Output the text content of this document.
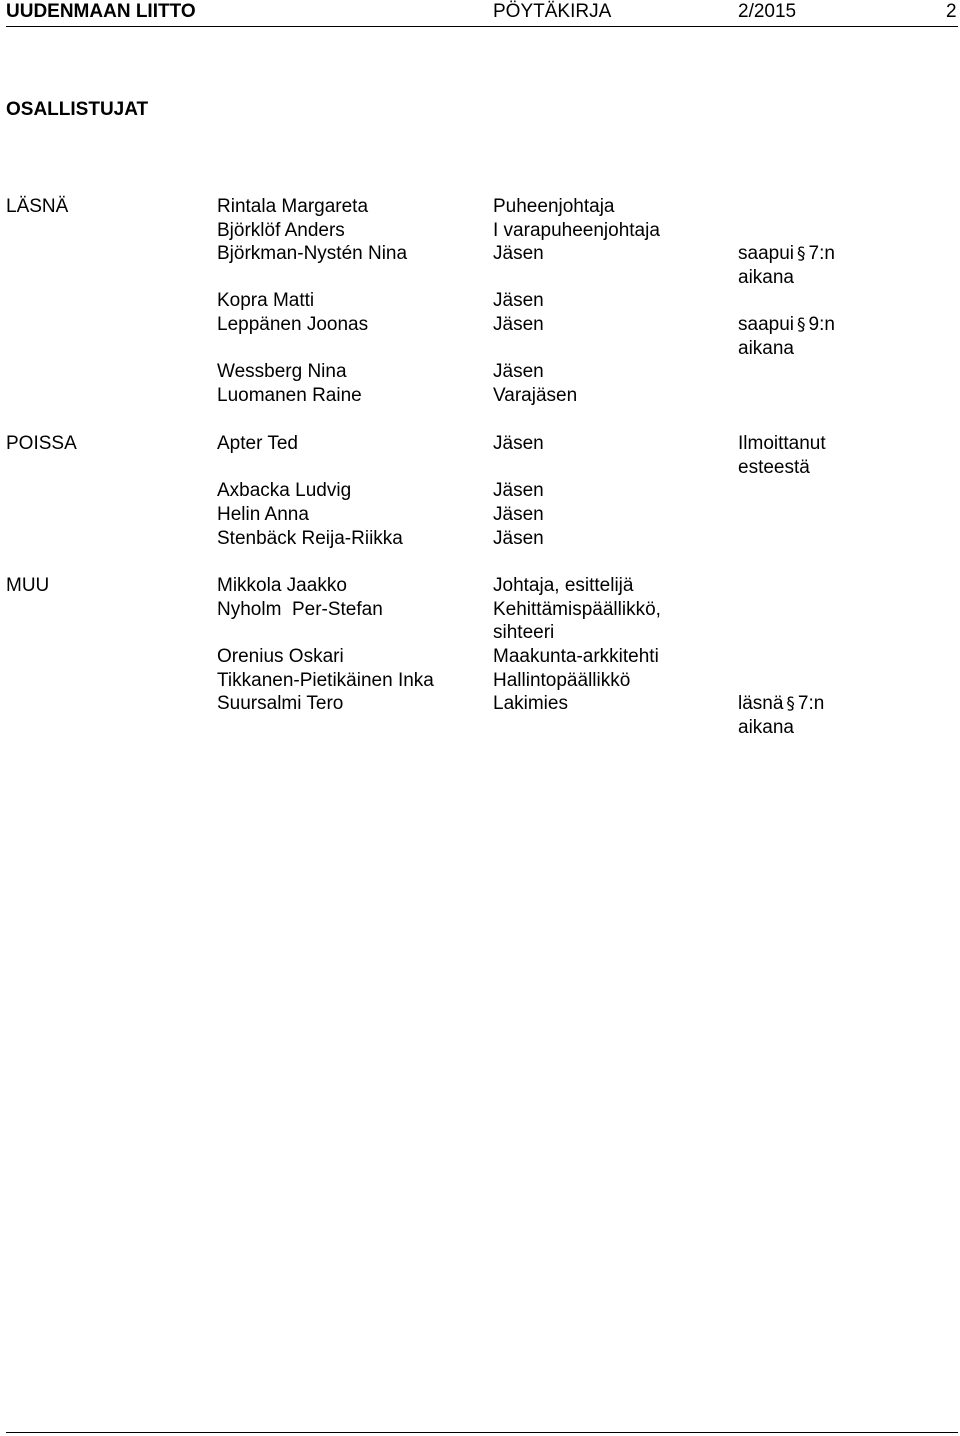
UUDENMAAN LIITTO	PÖYTÄKIRJA	2/2015	2
OSALLISTUJAT
LÄSNÄ	Rintala Margareta	Puheenjohtaja
Björklöf Anders	I varapuheenjohtaja
Björkman-Nystén Nina	Jäsen	saapui § 7:n
aikana
Kopra Matti	Jäsen
Leppänen Joonas	Jäsen	saapui § 9:n
aikana
Wessberg Nina	Jäsen
Luomanen Raine	Varajäsen
POISSA	Apter Ted	Jäsen	Ilmoittanut
esteestä
Axbacka Ludvig	Jäsen
Helin Anna	Jäsen
Stenbäck Reija-Riikka	Jäsen
MUU	Mikkola Jaakko	Johtaja, esittelijä
Nyholm  Per-Stefan	Kehittämispäällikkö,
sihteeri
Orenius Oskari	Maakunta-arkkitehti
Tikkanen-Pietikäinen Inka	Hallintopäällikkö
Suursalmi Tero	Lakimies	läsnä § 7:n
aikana
